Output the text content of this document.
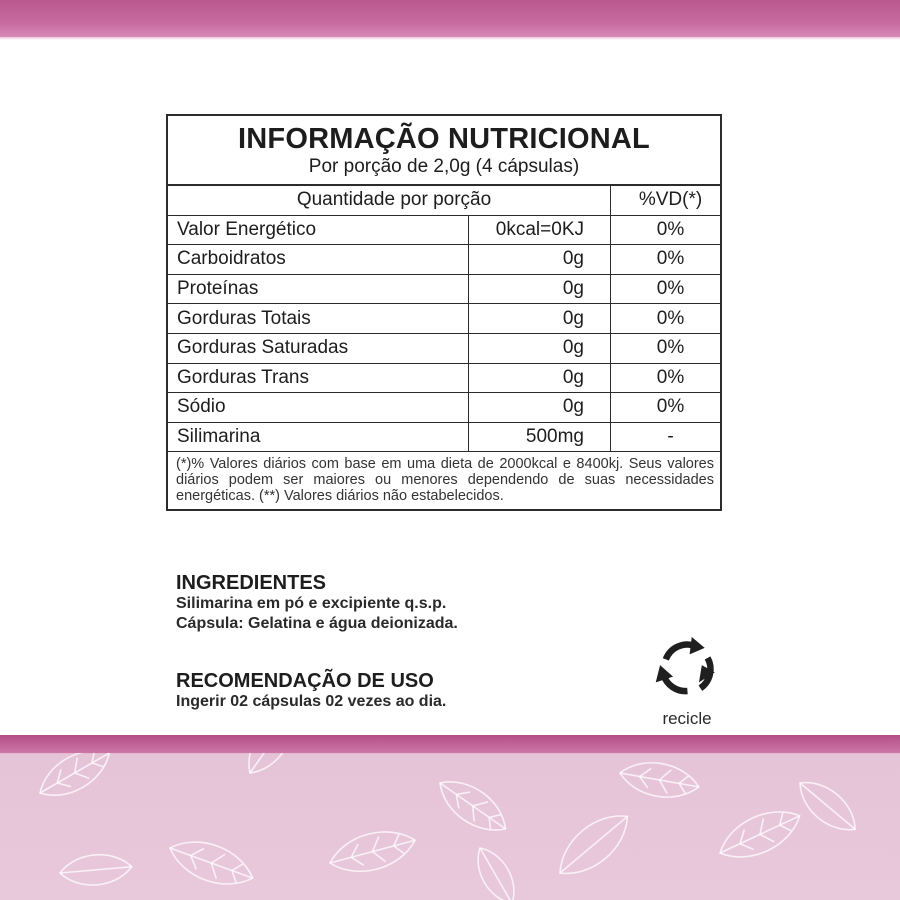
INFORMAÇÃO NUTRICIONAL
Por porção de 2,0g (4 cápsulas)
Quantidade por porção	%VD(*)
Valor Energético	0kcal=0KJ	0%
Carboidratos	0g	0%
Proteínas	0g	0%
Gorduras Totais	0g	0%
Gorduras Saturadas	0g	0%
Gorduras Trans	0g	0%
Sódio	0g	0%
Silimarina	500mg	-
(*)% Valores diários com base em uma dieta de 2000kcal e 8400kj. Seus valores diários podem ser maiores ou menores dependendo de suas necessidades energéticas. (**) Valores diários não estabelecidos.
INGREDIENTES
Silimarina em pó e excipiente q.s.p.
Cápsula: Gelatina e água deionizada.
RECOMENDAÇÃO DE USO
Ingerir 02 cápsulas 02 vezes ao dia.
recicle
